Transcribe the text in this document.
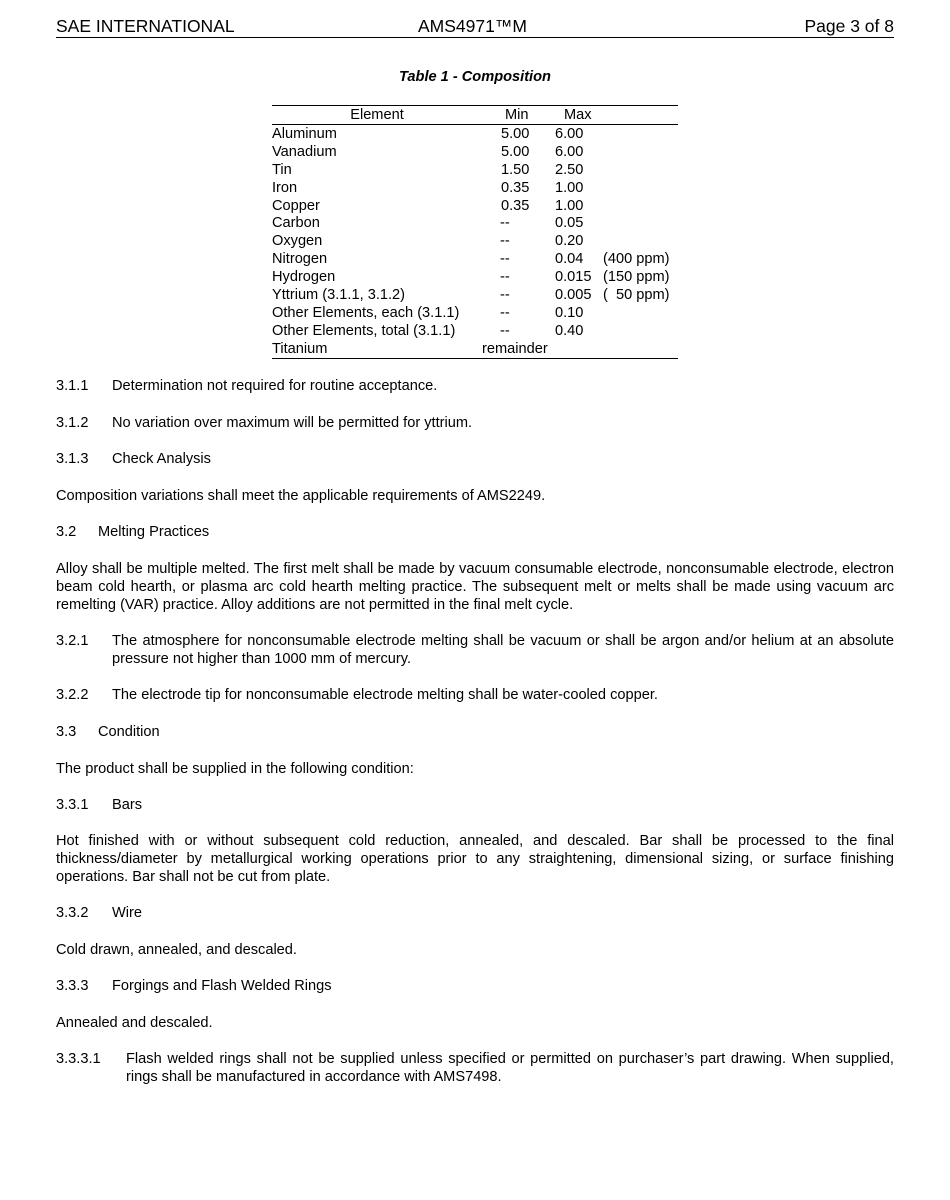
SAE INTERNATIONAL	AMS4971™M	Page 3 of 8
Table 1 - Composition
Element	Min Max
Aluminum	5.00 6.00
Vanadium	5.00 6.00
Tin	1.50 2.50
Iron	0.35 1.00
Copper	0.35 1.00
Carbon	--	0.05
Oxygen	--	0.20
Nitrogen	--	0.04 (400 ppm)
Hydrogen	--	0.015 (150 ppm)
Yttrium (3.1.1, 3.1.2)	--	0.005 (  50 ppm)
Other Elements, each (3.1.1)	--	0.10
Other Elements, total (3.1.1)	--	0.40
Titanium	remainder
3.1.1 Determination not required for routine acceptance.
3.1.2 No variation over maximum will be permitted for yttrium.
3.1.3 Check Analysis
Composition variations shall meet the applicable requirements of AMS2249.
3.2 Melting Practices
Alloy shall be multiple melted. The first melt shall be made by vacuum consumable electrode, nonconsumable electrode, electron beam cold hearth, or plasma arc cold hearth melting practice. The subsequent melt or melts shall be made using vacuum arc remelting (VAR) practice. Alloy additions are not permitted in the final melt cycle.
3.2.1 The atmosphere for nonconsumable electrode melting shall be vacuum or shall be argon and/or helium at an absolute pressure not higher than 1000 mm of mercury.
3.2.2 The electrode tip for nonconsumable electrode melting shall be water-cooled copper.
3.3 Condition
The product shall be supplied in the following condition:
3.3.1 Bars
Hot finished with or without subsequent cold reduction, annealed, and descaled. Bar shall be processed to the final thickness/diameter by metallurgical working operations prior to any straightening, dimensional sizing, or surface finishing operations. Bar shall not be cut from plate.
3.3.2 Wire
Cold drawn, annealed, and descaled.
3.3.3 Forgings and Flash Welded Rings
Annealed and descaled.
3.3.3.1 Flash welded rings shall not be supplied unless specified or permitted on purchaser’s part drawing. When supplied, rings shall be manufactured in accordance with AMS7498.
